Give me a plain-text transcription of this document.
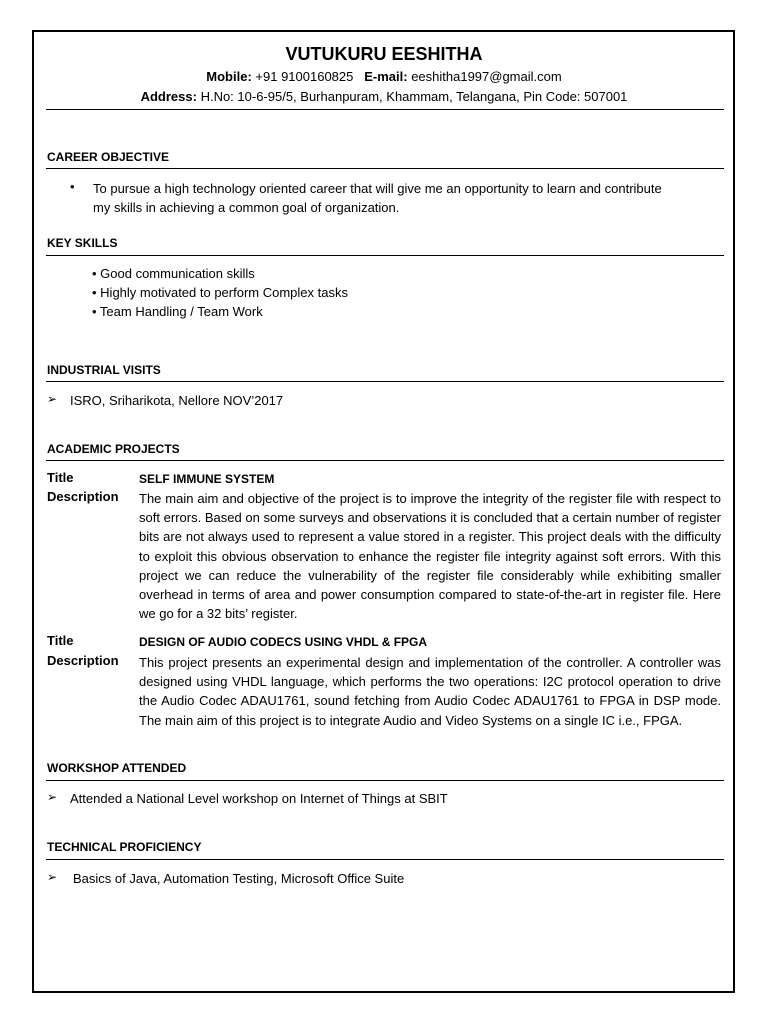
VUTUKURU EESHITHA
Mobile: +91 9100160825 E-mail: eeshitha1997@gmail.com
Address: H.No: 10-6-95/5, Burhanpuram, Khammam, Telangana, Pin Code: 507001
CAREER OBJECTIVE
• To pursue a high technology oriented career that will give me an opportunity to learn and contribute
my skills in achieving a common goal of organization.
KEY SKILLS
• Good communication skills
• Highly motivated to perform Complex tasks
• Team Handling / Team Work
INDUSTRIAL VISITS
➢ ISRO, Sriharikota, Nellore NOV’2017
ACADEMIC PROJECTS
Title	SELF IMMUNE SYSTEM
Description The main aim and objective of the project is to improve the integrity of the register file with respect to soft errors. Based on some surveys and observations it is concluded that a certain number of register bits are not always used to represent a value stored in a register. This project deals with the difficulty to exploit this obvious observation to enhance the register file integrity against soft errors. With this project we can reduce the vulnerability of the register file considerably while exhibiting smaller overhead in terms of area and power consumption compared to state-of-the-art in register file. Here we go for a 32 bits’ register.
Title	DESIGN OF AUDIO CODECS USING VHDL & FPGA
Description This project presents an experimental design and implementation of the controller. A controller was designed using VHDL language, which performs the two operations: I2C protocol operation to drive the Audio Codec ADAU1761, sound fetching from Audio Codec ADAU1761 to FPGA in DSP mode. The main aim of this project is to integrate Audio and Video Systems on a single IC i.e., FPGA.
WORKSHOP ATTENDED
➢ Attended a National Level workshop on Internet of Things at SBIT
TECHNICAL PROFICIENCY
➢ Basics of Java, Automation Testing, Microsoft Office Suite
